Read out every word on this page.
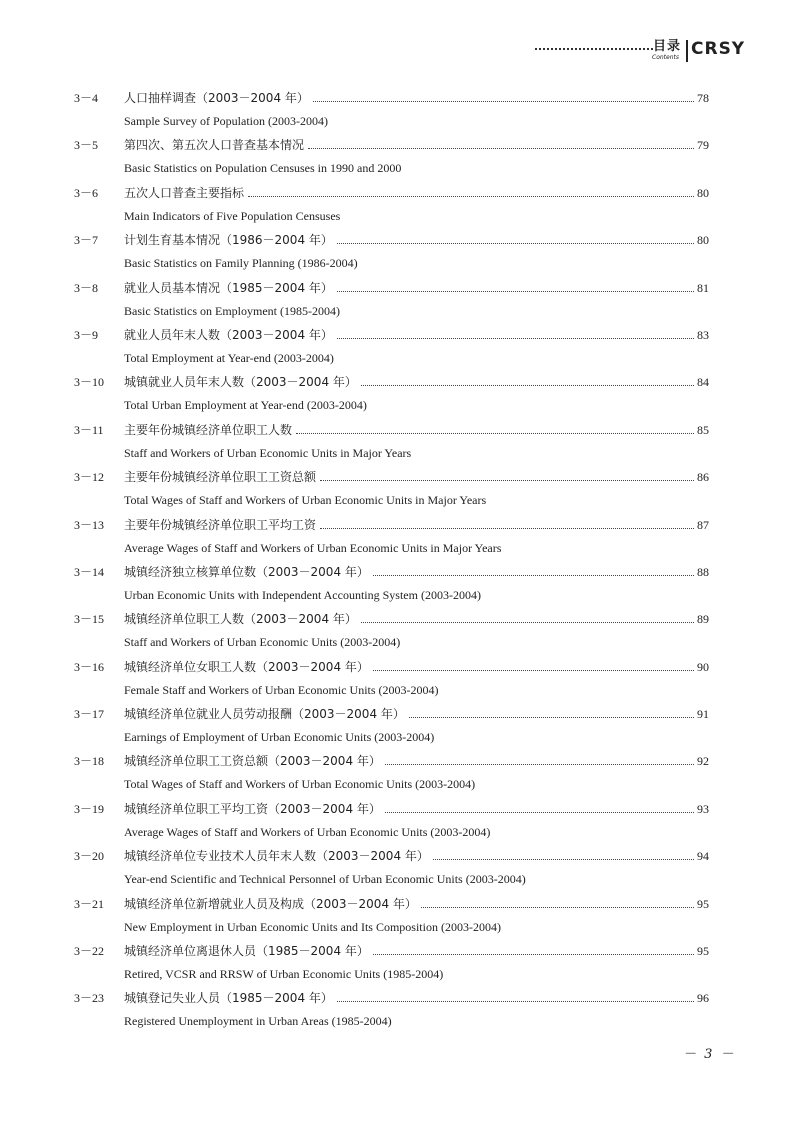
目录
Contents CRSY
3－4 人口抽样调查（2003－2004 年）	78
Sample Survey of Population (2003-2004)
3－5 第四次、第五次人口普查基本情况	79
Basic Statistics on Population Censuses in 1990 and 2000
3－6 五次人口普查主要指标	80
Main Indicators of Five Population Censuses
3－7 计划生育基本情况（1986－2004 年）	80
Basic Statistics on Family Planning (1986-2004)
3－8 就业人员基本情况（1985－2004 年）	81
Basic Statistics on Employment (1985-2004)
3－9 就业人员年末人数（2003－2004 年）	83
Total Employment at Year-end (2003-2004)
3－10 城镇就业人员年末人数（2003－2004 年）	84
Total Urban Employment at Year-end (2003-2004)
3－11 主要年份城镇经济单位职工人数	85
Staff and Workers of Urban Economic Units in Major Years
3－12 主要年份城镇经济单位职工工资总额	86
Total Wages of Staff and Workers of Urban Economic Units in Major Years
3－13 主要年份城镇经济单位职工平均工资	87
Average Wages of Staff and Workers of Urban Economic Units in Major Years
3－14 城镇经济独立核算单位数（2003－2004 年）	88
Urban Economic Units with Independent Accounting System (2003-2004)
3－15 城镇经济单位职工人数（2003－2004 年）	89
Staff and Workers of Urban Economic Units (2003-2004)
3－16 城镇经济单位女职工人数（2003－2004 年）	90
Female Staff and Workers of Urban Economic Units (2003-2004)
3－17 城镇经济单位就业人员劳动报酬（2003－2004 年）	91
Earnings of Employment of Urban Economic Units (2003-2004)
3－18 城镇经济单位职工工资总额（2003－2004 年）	92
Total Wages of Staff and Workers of Urban Economic Units (2003-2004)
3－19 城镇经济单位职工平均工资（2003－2004 年）	93
Average Wages of Staff and Workers of Urban Economic Units (2003-2004)
3－20 城镇经济单位专业技术人员年末人数（2003－2004 年）	94
Year-end Scientific and Technical Personnel of Urban Economic Units (2003-2004)
3－21 城镇经济单位新增就业人员及构成（2003－2004 年）	95
New Employment in Urban Economic Units and Its Composition (2003-2004)
3－22 城镇经济单位离退休人员（1985－2004 年）	95
Retired, VCSR and RRSW of Urban Economic Units (1985-2004)
3－23 城镇登记失业人员（1985－2004 年）	96
Registered Unemployment in Urban Areas (1985-2004)
－ 3 －
